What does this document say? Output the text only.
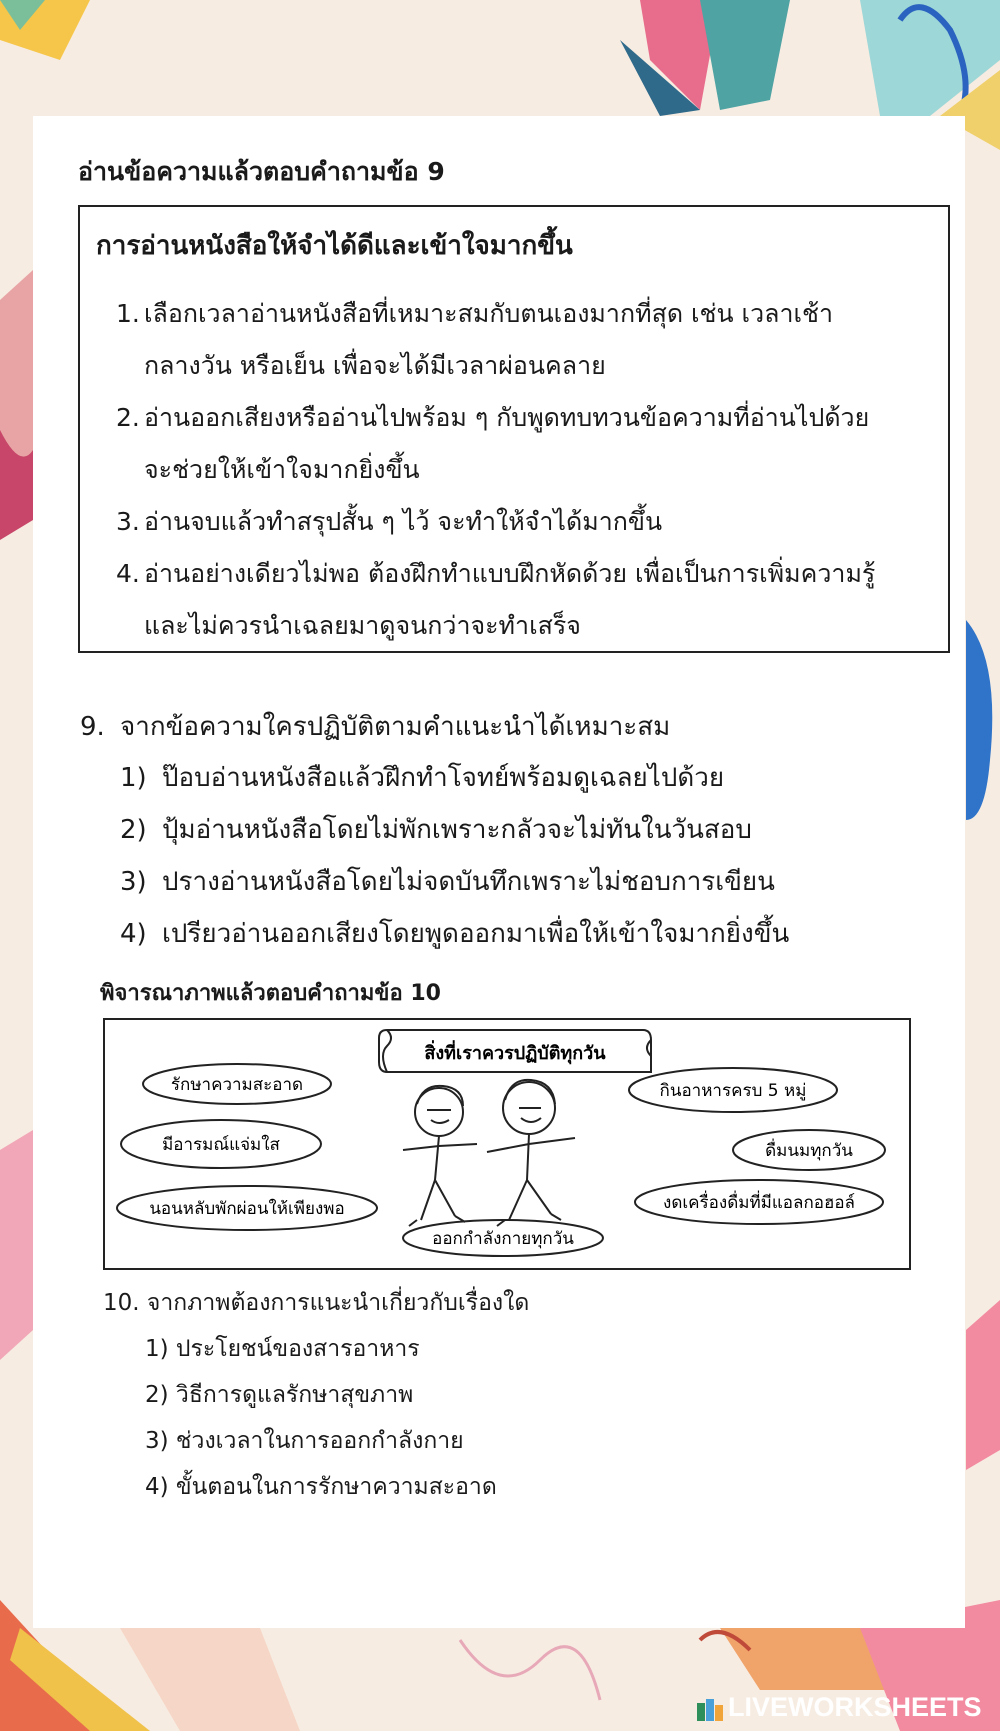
อ่านข้อความแล้วตอบคำถามข้อ 9
การอ่านหนังสือให้จำได้ดีและเข้าใจมากขึ้น
1. เลือกเวลาอ่านหนังสือที่เหมาะสมกับตนเองมากที่สุด เช่น เวลาเช้า
กลางวัน หรือเย็น เพื่อจะได้มีเวลาผ่อนคลาย
2. อ่านออกเสียงหรืออ่านไปพร้อม ๆ กับพูดทบทวนข้อความที่อ่านไปด้วย
จะช่วยให้เข้าใจมากยิ่งขึ้น
3. อ่านจบแล้วทำสรุปสั้น ๆ ไว้ จะทำให้จำได้มากขึ้น
4. อ่านอย่างเดียวไม่พอ ต้องฝึกทำแบบฝึกหัดด้วย เพื่อเป็นการเพิ่มความรู้
และไม่ควรนำเฉลยมาดูจนกว่าจะทำเสร็จ
9. จากข้อความใครปฏิบัติตามคำแนะนำได้เหมาะสม
1) ป๊อบอ่านหนังสือแล้วฝึกทำโจทย์พร้อมดูเฉลยไปด้วย
2) ปุ้มอ่านหนังสือโดยไม่พักเพราะกลัวจะไม่ทันในวันสอบ
3) ปรางอ่านหนังสือโดยไม่จดบันทึกเพราะไม่ชอบการเขียน
4) เปรียวอ่านออกเสียงโดยพูดออกมาเพื่อให้เข้าใจมากยิ่งขึ้น
พิจารณาภาพแล้วตอบคำถามข้อ 10
สิ่งที่เราควรปฏิบัติทุกวัน
รักษาความสะอาด
มีอารมณ์แจ่มใส
นอนหลับพักผ่อนให้เพียงพอ
ออกกำลังกายทุกวัน
กินอาหารครบ 5 หมู่
ดื่มนมทุกวัน
งดเครื่องดื่มที่มีแอลกอฮอล์
10. จากภาพต้องการแนะนำเกี่ยวกับเรื่องใด
1) ประโยชน์ของสารอาหาร
2) วิธีการดูแลรักษาสุขภาพ
3) ช่วงเวลาในการออกกำลังกาย
4) ขั้นตอนในการรักษาความสะอาด
LIVEWORKSHEETS
